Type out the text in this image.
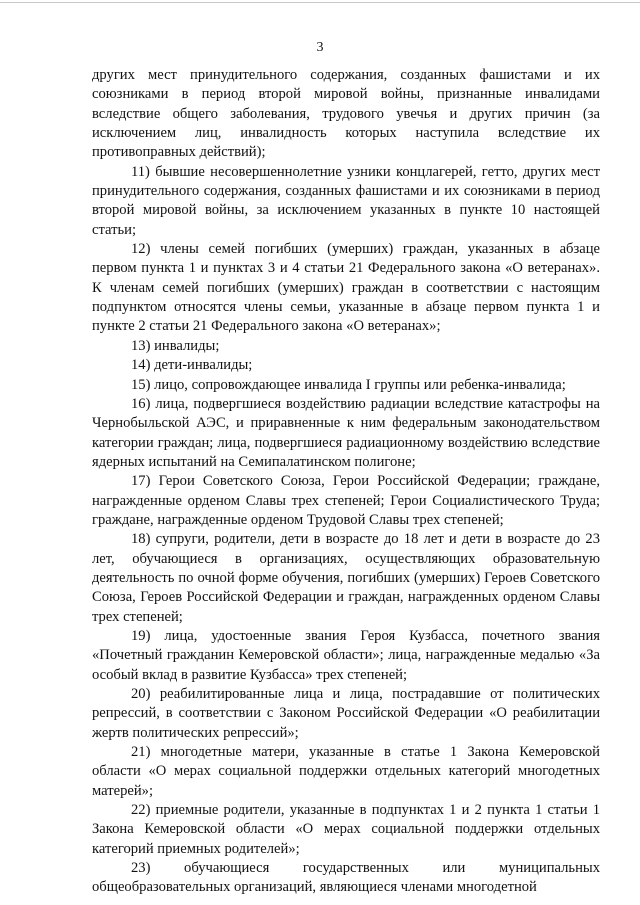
3

других мест принудительного содержания, созданных фашистами и их союзниками в период второй мировой войны, признанные инвалидами вследствие общего заболевания, трудового увечья и других причин (за исключением лиц, инвалидность которых наступила вследствие их противоправных действий);

11) бывшие несовершеннолетние узники концлагерей, гетто, других мест принудительного содержания, созданных фашистами и их союзниками в период второй мировой войны, за исключением указанных в пункте 10 настоящей статьи;

12) члены семей погибших (умерших) граждан, указанных в абзаце первом пункта 1 и пунктах 3 и 4 статьи 21 Федерального закона «О ветеранах». К членам семей погибших (умерших) граждан в соответствии с настоящим подпунктом относятся члены семьи, указанные в абзаце первом пункта 1 и пункте 2 статьи 21 Федерального закона «О ветеранах»;

13) инвалиды;

14) дети-инвалиды;

15) лицо, сопровождающее инвалида I группы или ребенка-инвалида;

16) лица, подвергшиеся воздействию радиации вследствие катастрофы на Чернобыльской АЭС, и приравненные к ним федеральным законодательством категории граждан; лица, подвергшиеся радиационному воздействию вследствие ядерных испытаний на Семипалатинском полигоне;

17) Герои Советского Союза, Герои Российской Федерации; граждане, награжденные орденом Славы трех степеней; Герои Социалистического Труда; граждане, награжденные орденом Трудовой Славы трех степеней;

18) супруги, родители, дети в возрасте до 18 лет и дети в возрасте до 23 лет, обучающиеся в организациях, осуществляющих образовательную деятельность по очной форме обучения, погибших (умерших) Героев Советского Союза, Героев Российской Федерации и граждан, награжденных орденом Славы трех степеней;

19) лица, удостоенные звания Героя Кузбасса, почетного звания «Почетный гражданин Кемеровской области»; лица, награжденные медалью «За особый вклад в развитие Кузбасса» трех степеней;

20) реабилитированные лица и лица, пострадавшие от политических репрессий, в соответствии с Законом Российской Федерации «О реабилитации жертв политических репрессий»;

21) многодетные матери, указанные в статье 1 Закона Кемеровской области «О мерах социальной поддержки отдельных категорий многодетных матерей»;

22) приемные родители, указанные в подпунктах 1 и 2 пункта 1 статьи 1 Закона Кемеровской области «О мерах социальной поддержки отдельных категорий приемных родителей»;

23) обучающиеся государственных или муниципальных общеобразовательных организаций, являющиеся членами многодетной
